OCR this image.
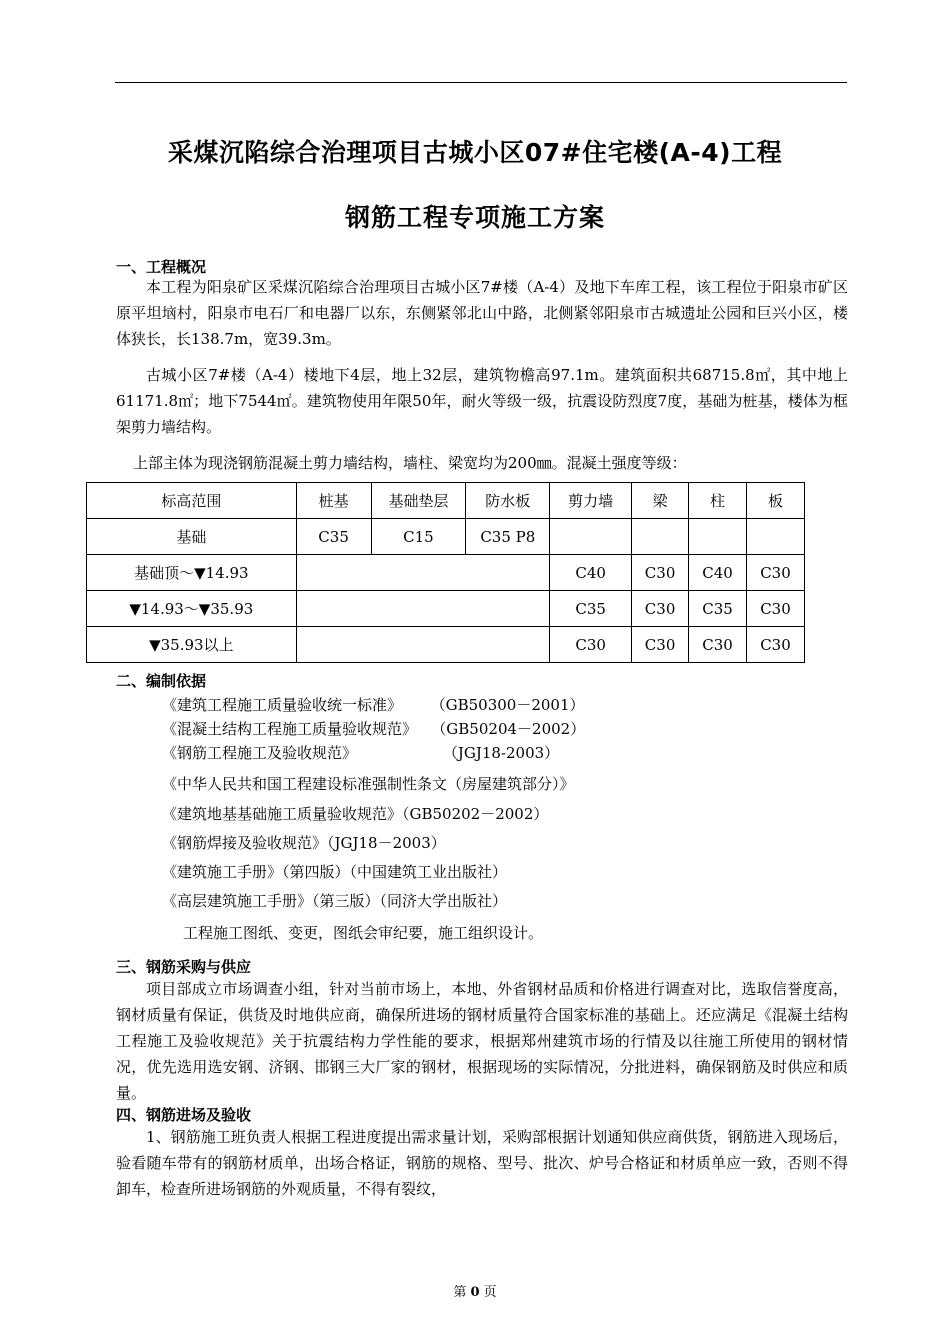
采煤沉陷综合治理项目古城小区07#住宅楼(A-4)工程
钢筋工程专项施工方案
一、工程概况

本工程为阳泉矿区采煤沉陷综合治理项目古城小区7#楼（A-4）及地下车库工程，该工程位于阳泉市矿区原平坦垴村，阳泉市电石厂和电器厂以东，东侧紧邻北山中路，北侧紧邻阳泉市古城遗址公园和巨兴小区，楼体狭长，长138.7m，宽39.3m。

古城小区7#楼（A-4）楼地下4层，地上32层，建筑物檐高97.1m。建筑面积共68715.8㎡，其中地上61171.8㎡；地下7544㎡。建筑物使用年限50年，耐火等级一级，抗震设防烈度7度，基础为桩基，楼体为框架剪力墙结构。

上部主体为现浇钢筋混凝土剪力墙结构，墙柱、梁宽均为200㎜。混凝土强度等级：
标高范围	桩基	基础垫层	防水板	剪力墙	梁	柱	板
基础	C35	C15	C35 P8				
基础顶～▼14.93				C40	C30	C40	C30
▼14.93～▼35.93				C35	C30	C35	C30
▼35.93以上				C30	C30	C30	C30
二、编制依据
《建筑工程施工质量验收统一标准》      （GB50300－2001）
《混凝土结构工程施工质量验收规范》   （GB50204－2002）
《钢筋工程施工及验收规范》                  （JGJ18-2003）
《中华人民共和国工程建设标准强制性条文（房屋建筑部分）》
《建筑地基基础施工质量验收规范》（GB50202－2002）
《钢筋焊接及验收规范》（JGJ18－2003）
《建筑施工手册》（第四版）（中国建筑工业出版社）
《高层建筑施工手册》（第三版）（同济大学出版社）
工程施工图纸、变更，图纸会审纪要，施工组织设计。
三、钢筋采购与供应

项目部成立市场调查小组，针对当前市场上，本地、外省钢材品质和价格进行调查对比，选取信誉度高，钢材质量有保证，供货及时地供应商，确保所进场的钢材质量符合国家标准的基础上。还应满足《混凝土结构工程施工及验收规范》关于抗震结构力学性能的要求，根据郑州建筑市场的行情及以往施工所使用的钢材情况，优先选用选安钢、济钢、邯钢三大厂家的钢材，根据现场的实际情况，分批进料，确保钢筋及时供应和质量。

四、钢筋进场及验收

1、钢筋施工班负责人根据工程进度提出需求量计划，采购部根据计划通知供应商供货，钢筋进入现场后，验看随车带有的钢筋材质单，出场合格证，钢筋的规格、型号、批次、炉号合格证和材质单应一致，否则不得卸车，检查所进场钢筋的外观质量，不得有裂纹，

第 0 页
